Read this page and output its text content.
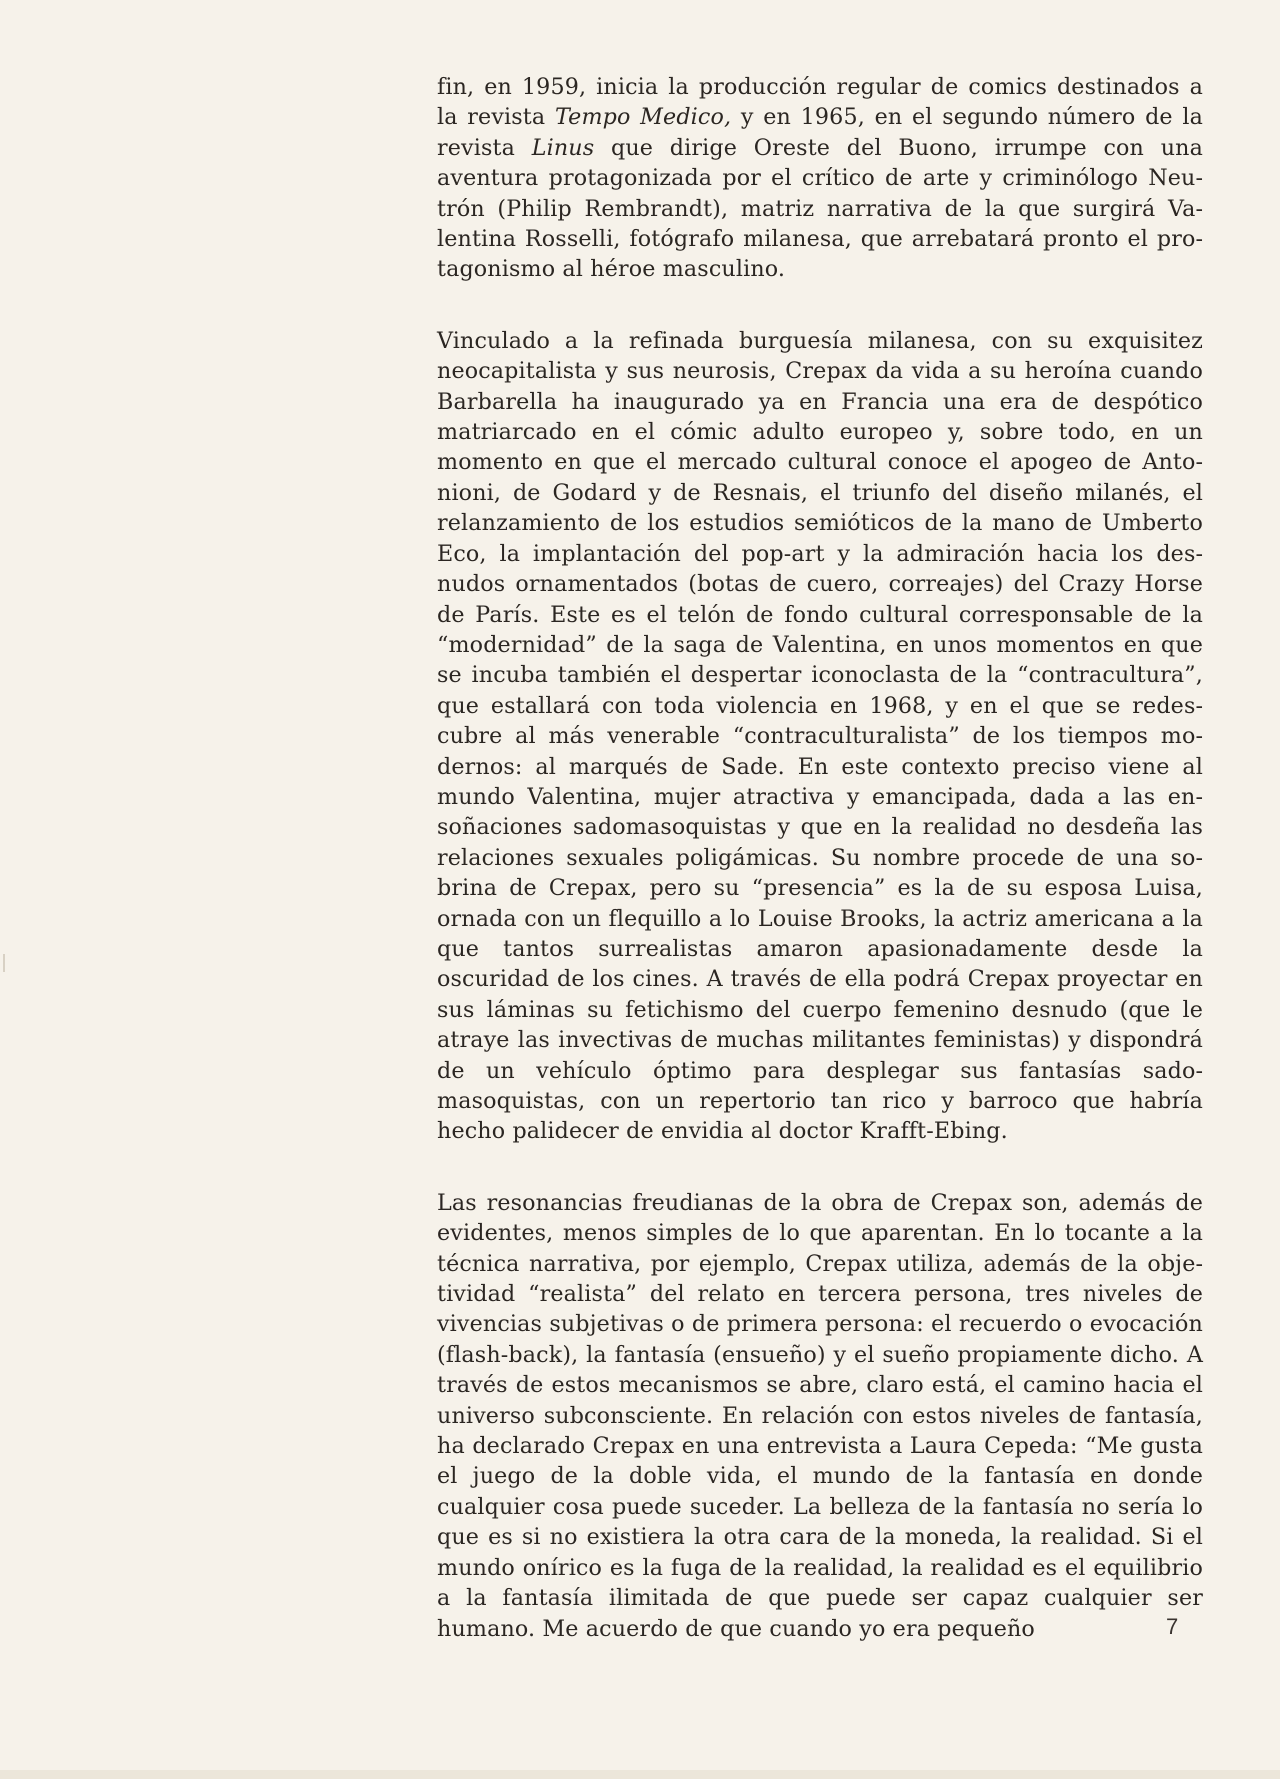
fin, en 1959, inicia la producción regular de comics destinados a la revista Tempo Medico, y en 1965, en el segundo número de la revista Linus que dirige Oreste del Buono, irrumpe con una aventura protagonizada por el crítico de arte y criminólogo Neutrón (Philip Rembrandt), matriz narrativa de la que surgirá Valentina Rosselli, fotógrafo milanesa, que arrebatará pronto el protagonismo al héroe masculino.

Vinculado a la refinada burguesía milanesa, con su exquisitez neocapitalista y sus neurosis, Crepax da vida a su heroína cuando Barbarella ha inaugurado ya en Francia una era de despótico matriarcado en el cómic adulto europeo y, sobre todo, en un momento en que el mercado cultural conoce el apogeo de Antonioni, de Godard y de Resnais, el triunfo del diseño milanés, el relanzamiento de los estudios semióticos de la mano de Umberto Eco, la implantación del pop-art y la admiración hacia los desnudos ornamentados (botas de cuero, correajes) del Crazy Horse de París. Este es el telón de fondo cultural corresponsable de la “modernidad” de la saga de Valentina, en unos momentos en que se incuba también el despertar iconoclasta de la “contracultura”, que estallará con toda violencia en 1968, y en el que se redescubre al más venerable “contraculturalista” de los tiempos modernos: al marqués de Sade. En este contexto preciso viene al mundo Valentina, mujer atractiva y emancipada, dada a las ensoñaciones sadomasoquistas y que en la realidad no desdeña las relaciones sexuales poligámicas. Su nombre procede de una sobrina de Crepax, pero su “presencia” es la de su esposa Luisa, ornada con un flequillo a lo Louise Brooks, la actriz americana a la que tantos surrealistas amaron apasionadamente desde la oscuridad de los cines. A través de ella podrá Crepax proyectar en sus láminas su fetichismo del cuerpo femenino desnudo (que le atraye las invectivas de muchas militantes feministas) y dispondrá de un vehículo óptimo para desplegar sus fantasías sadomasoquistas, con un repertorio tan rico y barroco que habría hecho palidecer de envidia al doctor Krafft-Ebing.

Las resonancias freudianas de la obra de Crepax son, además de evidentes, menos simples de lo que aparentan. En lo tocante a la técnica narrativa, por ejemplo, Crepax utiliza, además de la objetividad “realista” del relato en tercera persona, tres niveles de vivencias subjetivas o de primera persona: el recuerdo o evocación (flash-back), la fantasía (ensueño) y el sueño propiamente dicho. A través de estos mecanismos se abre, claro está, el camino hacia el universo subconsciente. En relación con estos niveles de fantasía, ha declarado Crepax en una entrevista a Laura Cepeda: “Me gusta el juego de la doble vida, el mundo de la fantasía en donde cualquier cosa puede suceder. La belleza de la fantasía no sería lo que es si no existiera la otra cara de la moneda, la realidad. Si el mundo onírico es la fuga de la realidad, la realidad es el equilibrio a la fantasía ilimitada de que puede ser capaz cualquier ser humano. Me acuerdo de que cuando yo era pequeño	7
